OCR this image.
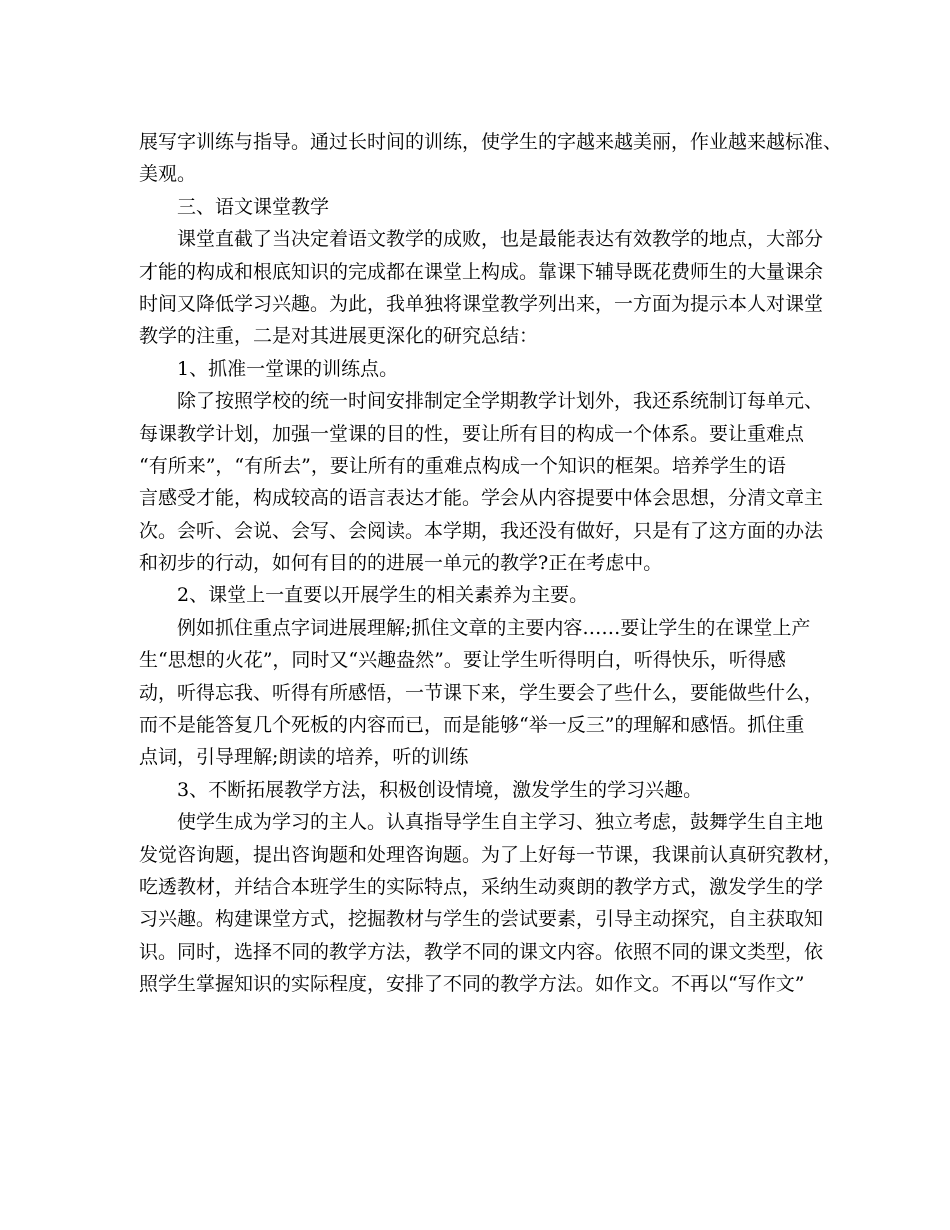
展写字训练与指导。通过长时间的训练，使学生的字越来越美丽，作业越来越标准、
美观。
三、语文课堂教学
课堂直截了当决定着语文教学的成败，也是最能表达有效教学的地点，大部分
才能的构成和根底知识的完成都在课堂上构成。靠课下辅导既花费师生的大量课余
时间又降低学习兴趣。为此，我单独将课堂教学列出来，一方面为提示本人对课堂
教学的注重，二是对其进展更深化的研究总结：
1、抓准一堂课的训练点。
除了按照学校的统一时间安排制定全学期教学计划外，我还系统制订每单元、
每课教学计划，加强一堂课的目的性，要让所有目的构成一个体系。要让重难点
“有所来”，“有所去”，要让所有的重难点构成一个知识的框架。培养学生的语
言感受才能，构成较高的语言表达才能。学会从内容提要中体会思想，分清文章主
次。会听、会说、会写、会阅读。本学期，我还没有做好，只是有了这方面的办法
和初步的行动，如何有目的的进展一单元的教学?正在考虑中。
2、课堂上一直要以开展学生的相关素养为主要。
例如抓住重点字词进展理解;抓住文章的主要内容……要让学生的在课堂上产
生“思想的火花”，同时又“兴趣盎然”。要让学生听得明白，听得快乐，听得感
动，听得忘我、听得有所感悟，一节课下来，学生要会了些什么，要能做些什么，
而不是能答复几个死板的内容而已，而是能够“举一反三”的理解和感悟。抓住重
点词，引导理解;朗读的培养，听的训练
3、不断拓展教学方法，积极创设情境，激发学生的学习兴趣。
使学生成为学习的主人。认真指导学生自主学习、独立考虑，鼓舞学生自主地
发觉咨询题，提出咨询题和处理咨询题。为了上好每一节课，我课前认真研究教材，
吃透教材，并结合本班学生的实际特点，采纳生动爽朗的教学方式，激发学生的学
习兴趣。构建课堂方式，挖掘教材与学生的尝试要素，引导主动探究，自主获取知
识。同时，选择不同的教学方法，教学不同的课文内容。依照不同的课文类型，依
照学生掌握知识的实际程度，安排了不同的教学方法。如作文。不再以“写作文”
